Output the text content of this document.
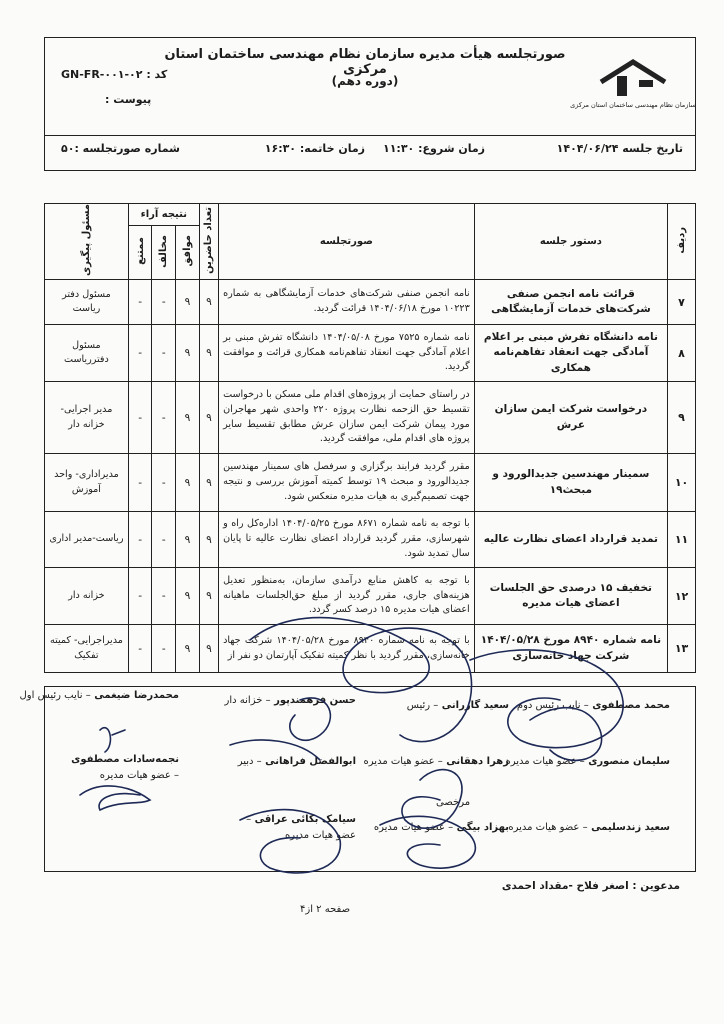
سازمان نظام مهندسی ساختمان استان مرکزی
صورتجلسه هیأت مدیره سازمان نظام مهندسی ساختمان استان مرکزی
(دوره دهم)
کد : GN-FR-۰۰۱-۰۲
پیوست :
تاریخ جلسه ۱۴۰۴/۰۶/۲۴
زمان شروع: ۱۱:۳۰
زمان خاتمه: ۱۶:۳۰
شماره صورتجلسه :۵۰
ردیف	دستور جلسه	صورتجلسه	تعداد حاضرین	نتیجه آراء			مسئول پیگیری
				موافق	مخالف	ممتنع	
۷	قرائت نامه انجمن صنفی شرکت‌های خدمات آزمایشگاهی	نامه انجمن صنفی شرکت‌های خدمات آزمایشگاهی به شماره ۱۰۲۲۳ مورخ ۱۴۰۴/۰۶/۱۸ قرائت گردید.	۹	۹	-	-	مسئول دفتر ریاست
۸	نامه دانشگاه تفرش مبنی بر اعلام آمادگی جهت انعقاد تفاهم‌نامه همکاری	نامه شماره ۷۵۲۵ مورخ ۱۴۰۴/۰۵/۰۸ دانشگاه تفرش مبنی بر اعلام آمادگی جهت انعقاد تفاهم‌نامه همکاری قرائت و موافقت گردید.	۹	۹	-	-	مسئول دفترریاست
۹	درخواست شرکت ایمن سازان عرش	در راستای حمایت از پروژه‌های اقدام ملی مسکن با درخواست تقسیط حق الزحمه نظارت پروژه ۲۲۰ واحدی شهر مهاجران مورد پیمان شرکت ایمن سازان عرش مطابق تقسیط سایر پروژه های اقدام ملی، موافقت گردید.	۹	۹	-	-	مدیر اجرایی- خزانه دار
۱۰	سمینار مهندسین جدیدالورود و مبحث۱۹	مقرر گردید فرایند برگزاری و سرفصل های سمینار مهندسین جدیدالورود و مبحث ۱۹ توسط کمیته آموزش بررسی و نتیجه جهت تصمیم‌گیری به هیات مدیره منعکس شود.	۹	۹	-	-	مدیراداری- واحد آموزش
۱۱	تمدید قرارداد اعضای نظارت عالیه	با توجه به نامه شماره ۸۶۷۱ مورخ ۱۴۰۴/۰۵/۲۵ اداره‌کل راه و شهرسازی، مقرر گردید قرارداد اعضای نظارت عالیه تا پایان سال تمدید شود.	۹	۹	-	-	ریاست-مدیر اداری
۱۲	تخفیف ۱۵ درصدی حق الجلسات اعضای هیات مدیره	با توجه به کاهش منابع درآمدی سازمان، به‌منظور تعدیل هزینه‌های جاری، مقرر گردید از مبلغ حق‌الجلسات ماهیانه اعضای هیات مدیره ۱۵ درصد کسر گردد.	۹	۹	-	-	خزانه دار
۱۳	نامه شماره ۸۹۴۰ مورخ ۱۴۰۴/۰۵/۲۸ شرکت جهاد خانه‌سازی	با توجه به نامه شماره ۸۹۴۰ مورخ ۱۴۰۴/۰۵/۲۸ شرکت جهاد خانه‌سازی، مقرر گردید با نظر کمیته تفکیک آپارتمان دو نفر از	۹	۹	-	-	مدیراجرایی- کمیته تفکیک
محمد مصطفوی – نایب رئیس دوم
سعید گازرانی – رئیس
حسن فرهمندپور – خزانه دار
محمدرضا ضیغمی – نایب رئیس اول
سلیمان منصوری – عضو هیات مدیره
زهرا دهقانی – عضو هیات مدیره
ابوالفضل فراهانی – دبیر
نجمه‌سادات مصطفوی – عضو هیات مدیره
مرخصی
سعید زندسلیمی – عضو هیات مدیره
بهزاد بیگی – عضو هیات مدیره
سیامک بکائی عراقی – عضو هیات مدیره
مدعوین : اصغر فلاح -مقداد احمدی
صفحه ۲ از۴
